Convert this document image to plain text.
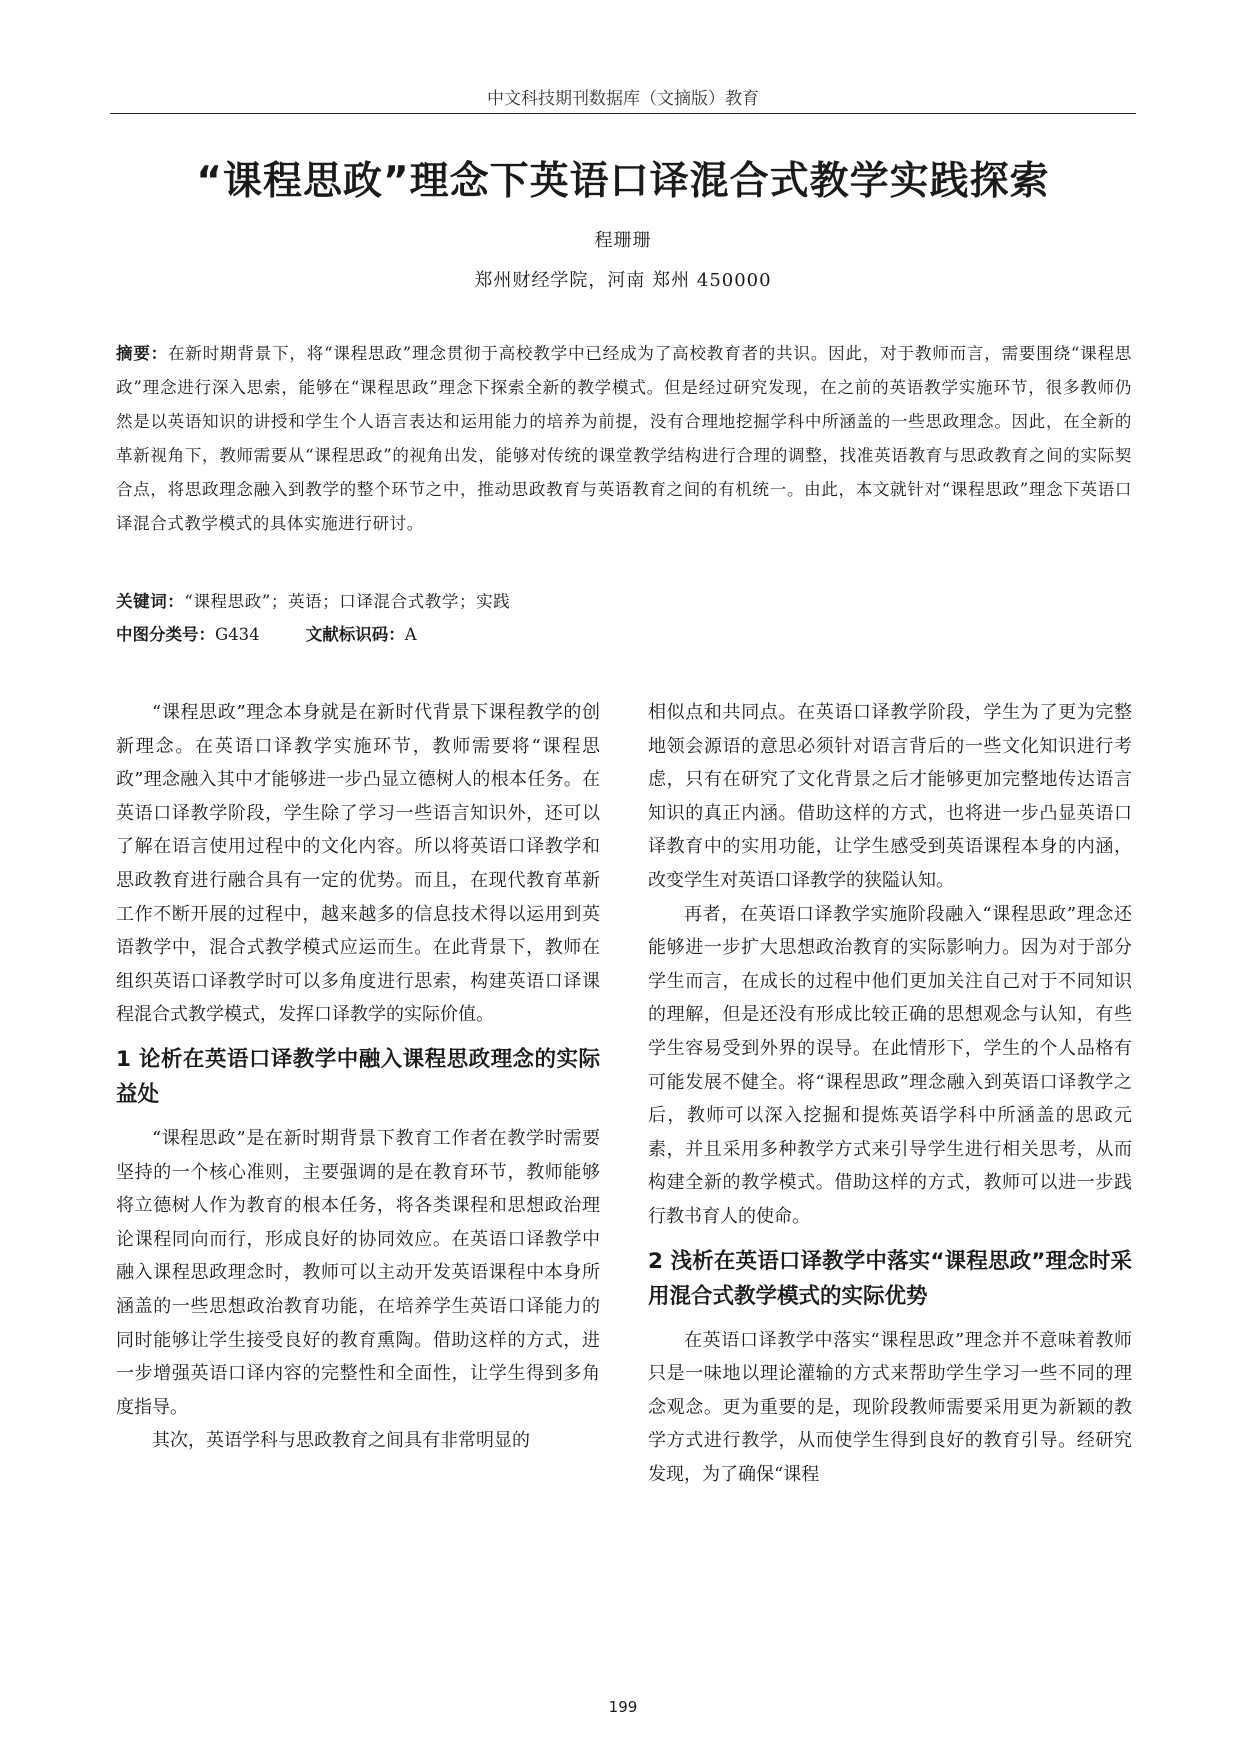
中文科技期刊数据库（文摘版）教育
“课程思政”理念下英语口译混合式教学实践探索
程珊珊
郑州财经学院，河南 郑州 450000
摘要：在新时期背景下，将“课程思政”理念贯彻于高校教学中已经成为了高校教育者的共识。因此，对于教师而言，需要围绕“课程思政”理念进行深入思索，能够在“课程思政”理念下探索全新的教学模式。但是经过研究发现，在之前的英语教学实施环节，很多教师仍然是以英语知识的讲授和学生个人语言表达和运用能力的培养为前提，没有合理地挖掘学科中所涵盖的一些思政理念。因此，在全新的革新视角下，教师需要从“课程思政”的视角出发，能够对传统的课堂教学结构进行合理的调整，找准英语教育与思政教育之间的实际契合点，将思政理念融入到教学的整个环节之中，推动思政教育与英语教育之间的有机统一。由此，本文就针对“课程思政”理念下英语口译混合式教学模式的具体实施进行研讨。
关键词：“课程思政”；英语；口译混合式教学；实践
中图分类号：G434	文献标识码：A

“课程思政”理念本身就是在新时代背景下课程教学的创新理念。在英语口译教学实施环节，教师需要将“课程思政”理念融入其中才能够进一步凸显立德树人的根本任务。在英语口译教学阶段，学生除了学习一些语言知识外，还可以了解在语言使用过程中的文化内容。所以将英语口译教学和思政教育进行融合具有一定的优势。而且，在现代教育革新工作不断开展的过程中，越来越多的信息技术得以运用到英语教学中，混合式教学模式应运而生。在此背景下，教师在组织英语口译教学时可以多角度进行思索，构建英语口译课程混合式教学模式，发挥口译教学的实际价值。

1 论析在英语口译教学中融入课程思政理念的实际益处

“课程思政”是在新时期背景下教育工作者在教学时需要坚持的一个核心准则，主要强调的是在教育环节，教师能够将立德树人作为教育的根本任务，将各类课程和思想政治理论课程同向而行，形成良好的协同效应。在英语口译教学中融入课程思政理念时，教师可以主动开发英语课程中本身所涵盖的一些思想政治教育功能，在培养学生英语口译能力的同时能够让学生接受良好的教育熏陶。借助这样的方式，进一步增强英语口译内容的完整性和全面性，让学生得到多角度指导。

其次，英语学科与思政教育之间具有非常明显的

相似点和共同点。在英语口译教学阶段，学生为了更为完整地领会源语的意思必须针对语言背后的一些文化知识进行考虑，只有在研究了文化背景之后才能够更加完整地传达语言知识的真正内涵。借助这样的方式，也将进一步凸显英语口译教育中的实用功能，让学生感受到英语课程本身的内涵，改变学生对英语口译教学的狭隘认知。

再者，在英语口译教学实施阶段融入“课程思政”理念还能够进一步扩大思想政治教育的实际影响力。因为对于部分学生而言，在成长的过程中他们更加关注自己对于不同知识的理解，但是还没有形成比较正确的思想观念与认知，有些学生容易受到外界的误导。在此情形下，学生的个人品格有可能发展不健全。将“课程思政”理念融入到英语口译教学之后，教师可以深入挖掘和提炼英语学科中所涵盖的思政元素，并且采用多种教学方式来引导学生进行相关思考，从而构建全新的教学模式。借助这样的方式，教师可以进一步践行教书育人的使命。

2 浅析在英语口译教学中落实“课程思政”理念时采用混合式教学模式的实际优势

在英语口译教学中落实“课程思政”理念并不意味着教师只是一味地以理论灌输的方式来帮助学生学习一些不同的理念观念。更为重要的是，现阶段教师需要采用更为新颖的教学方式进行教学，从而使学生得到良好的教育引导。经研究发现，为了确保“课程

199
